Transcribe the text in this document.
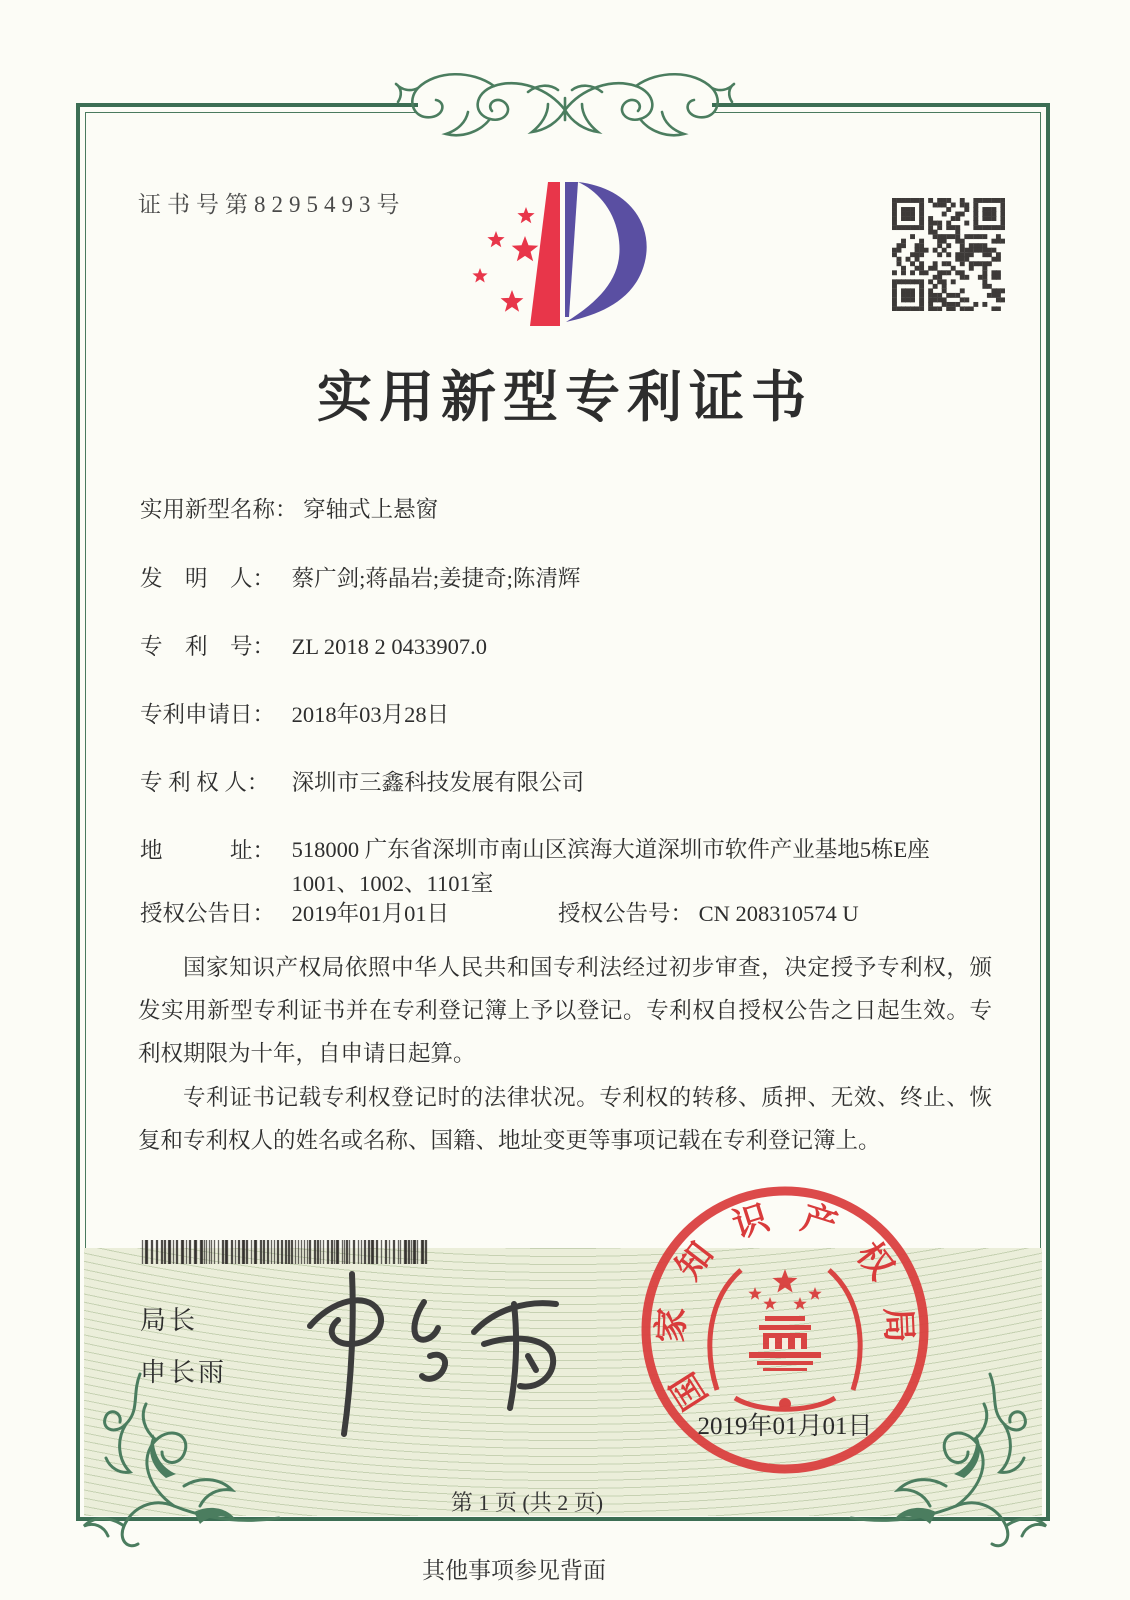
证书号第8295493号
实用新型专利证书
实用新型名称： 穿轴式上悬窗
发　明　人： 蔡广剑;蒋晶岩;姜捷奇;陈清辉
专　利　号： ZL 2018 2 0433907.0
专利申请日： 2018年03月28日
专 利 权 人： 深圳市三鑫科技发展有限公司
地　　　址： 518000 广东省深圳市南山区滨海大道深圳市软件产业基地5栋E座1001、1002、1101室
授权公告日： 2019年01月01日	授权公告号： CN 208310574 U

国家知识产权局依照中华人民共和国专利法经过初步审查，决定授予专利权，颁发实用新型专利证书并在专利登记簿上予以登记。专利权自授权公告之日起生效。专利权期限为十年，自申请日起算。

专利证书记载专利权登记时的法律状况。专利权的转移、质押、无效、终止、恢复和专利权人的姓名或名称、国籍、地址变更等事项记载在专利登记簿上。

局长
申长雨	国
家
知
识 产
权
局
2019年01月01日
第 1 页 (共 2 页)
其他事项参见背面
